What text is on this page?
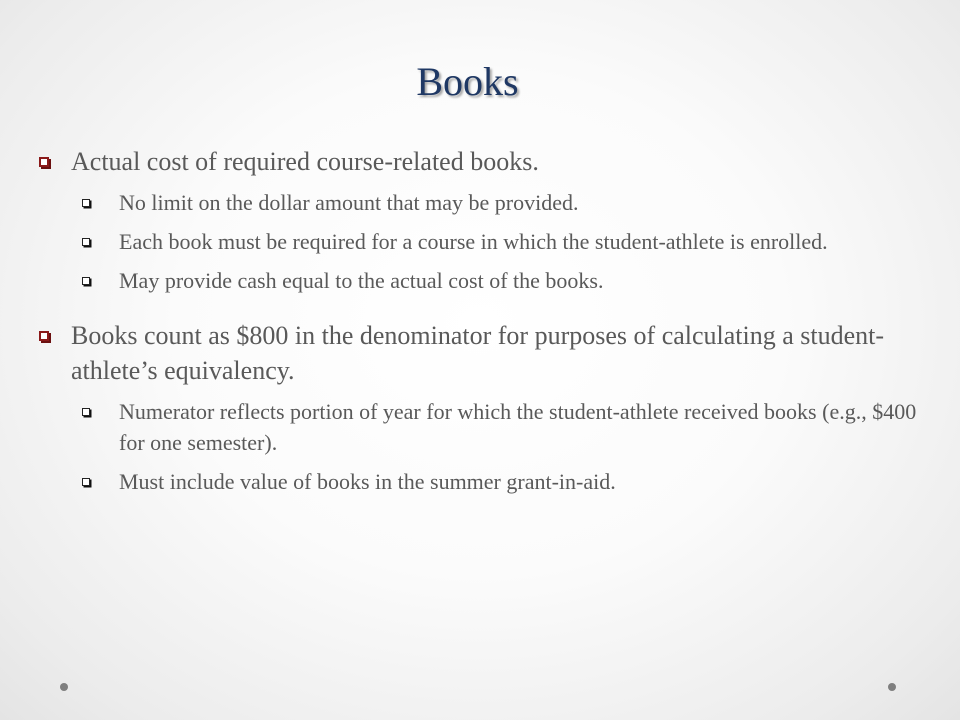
Books
Actual cost of required course-related books.
No limit on the dollar amount that may be provided.
Each book must be required for a course in which the student-athlete is enrolled.
May provide cash equal to the actual cost of the books.
Books count as $800 in the denominator for purposes of calculating a student-athlete’s equivalency.
Numerator reflects portion of year for which the student-athlete received books (e.g., $400 for one semester).
Must include value of books in the summer grant-in-aid.
